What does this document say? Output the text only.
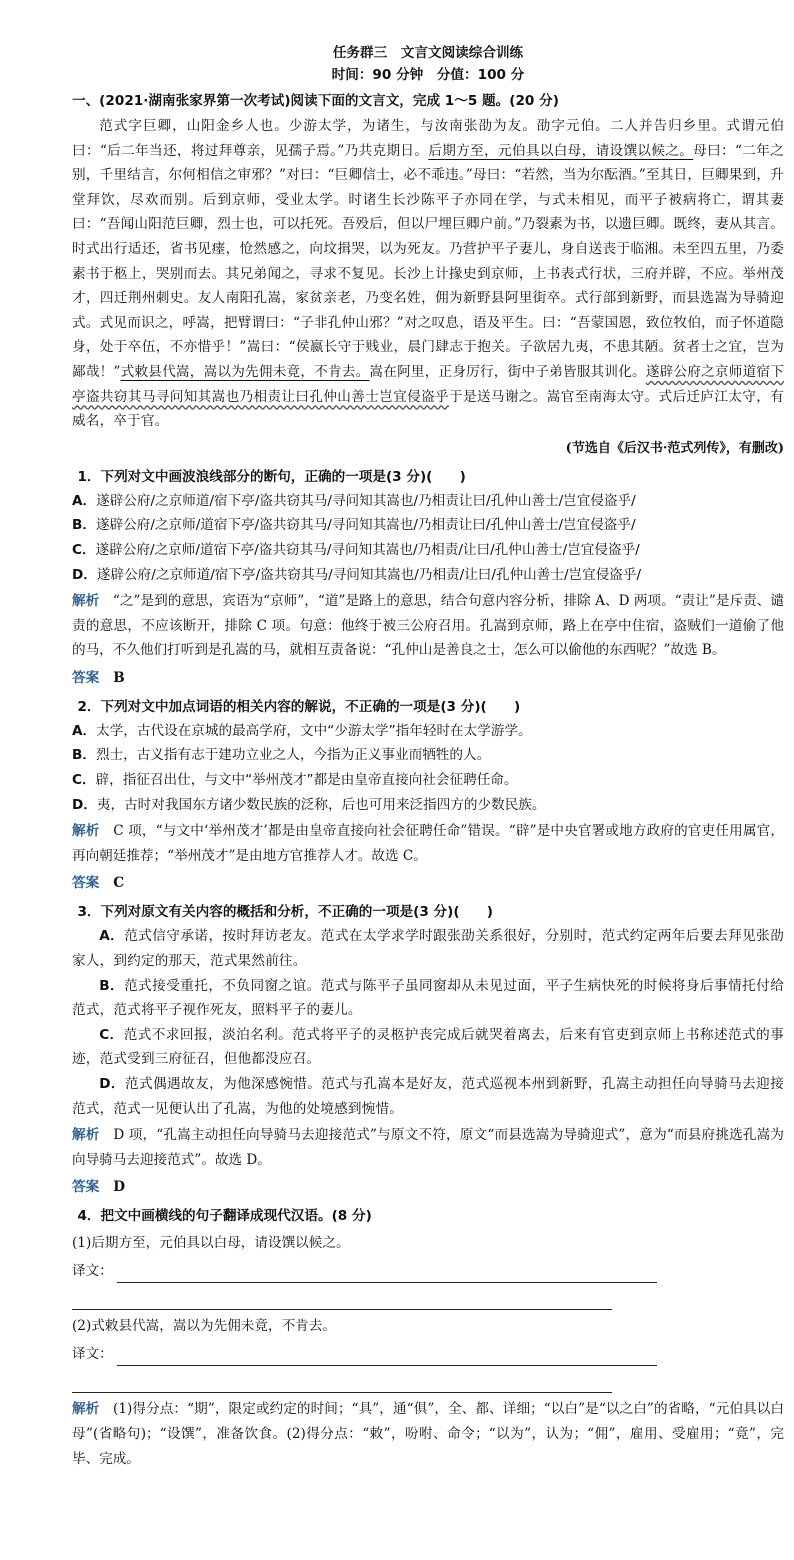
任务群三　文言文阅读综合训练
时间：90 分钟　分值：100 分
一、(2021·湖南张家界第一次考试)阅读下面的文言文，完成 1～5 题。(20 分)

范式字巨卿，山阳金乡人也。少游太学，为诸生，与汝南张劭为友。劭字元伯。二人并告归乡里。式谓元伯曰：“后二年当还，将过拜尊亲，见孺子焉。”乃共克期日。后期方至，元伯具以白母，请设馔以候之。母曰：“二年之别，千里结言，尔何相信之审邪？”对曰：“巨卿信士，必不乖违。”母曰：“若然，当为尔酝酒。”至其日，巨卿果到，升堂拜饮，尽欢而别。后到京师，受业太学。时诸生长沙陈平子亦同在学，与式未相见，而平子被病将亡，谓其妻曰：“吾闻山阳范巨卿，烈士也，可以托死。吾殁后，但以尸埋巨卿户前。”乃裂素为书，以遗巨卿。既终，妻从其言。时式出行适还，省书见瘗，怆然感之，向坟揖哭，以为死友。乃营护平子妻儿，身自送丧于临湘。未至四五里，乃委素书于柩上，哭别而去。其兄弟闻之，寻求不复见。长沙上计掾史到京师，上书表式行状，三府并辟，不应。举州茂才，四迁荆州刺史。友人南阳孔嵩，家贫亲老，乃变名姓，佣为新野县阿里街卒。式行部到新野，而县选嵩为导骑迎式。式见而识之，呼嵩，把臂谓曰：“子非孔仲山邪？”对之叹息，语及平生。曰：“吾蒙国恩，致位牧伯，而子怀道隐身，处于卒伍，不亦惜乎！”嵩曰：“侯嬴长守于贱业，晨门肆志于抱关。子欲居九夷，不患其陋。贫者士之宜，岂为鄙哉！”式敕县代嵩，嵩以为先佣未竟，不肯去。嵩在阿里，正身厉行，街中子弟皆服其训化。遂辟公府之京师道宿下亭盗共窃其马寻问知其嵩也乃相责让曰孔仲山善士岂宜侵盗乎于是送马谢之。嵩官至南海太守。式后迁庐江太守，有威名，卒于官。

(节选自《后汉书·范式列传》，有删改)
1．下列对文中画波浪线部分的断句，正确的一项是(3 分)(　　)
A．遂辟公府/之京师道/宿下亭/盗共窃其马/寻问知其嵩也/乃相责让曰/孔仲山善士/岂宜侵盗乎/
B．遂辟公府/之京师/道宿下亭/盗共窃其马/寻问知其嵩也/乃相责让曰/孔仲山善士/岂宜侵盗乎/
C．遂辟公府/之京师/道宿下亭/盗共窃其马/寻问知其嵩也/乃相责/让曰/孔仲山善士/岂宜侵盗乎/
D．遂辟公府/之京师道/宿下亭/盗共窃其马/寻问知其嵩也/乃相责/让曰/孔仲山善士/岂宜侵盗乎/

解析　 “之”是到的意思，宾语为“京师”，“道”是路上的意思，结合句意内容分析，排除 A、D 两项。“责让”是斥责、谴责的意思，不应该断开，排除 C 项。句意：他终于被三公府召用。孔嵩到京师，路上在亭中住宿，盗贼们一道偷了他的马，不久他们打听到是孔嵩的马，就相互责备说：“孔仲山是善良之士，怎么可以偷他的东西呢？”故选 B。

答案 B
2．下列对文中加点词语的相关内容的解说，不正确的一项是(3 分)(　　)
A．太学，古代设在京城的最高学府，文中“少游太学”指年轻时在太学游学。
B．烈士，古义指有志于建功立业之人，今指为正义事业而牺牲的人。
C．辟，指征召出仕，与文中“举州茂才”都是由皇帝直接向社会征聘任命。
D．夷，古时对我国东方诸少数民族的泛称，后也可用来泛指四方的少数民族。

解析　 C 项，“与文中‘举州茂才’都是由皇帝直接向社会征聘任命”错误。“辟”是中央官署或地方政府的官吏任用属官，再向朝廷推荐；“举州茂才”是由地方官推荐人才。故选 C。

答案 C
3．下列对原文有关内容的概括和分析，不正确的一项是(3 分)(　　)

A．范式信守承诺，按时拜访老友。范式在太学求学时跟张劭关系很好，分别时，范式约定两年后要去拜见张劭家人，到约定的那天，范式果然前往。

B．范式接受重托，不负同窗之谊。范式与陈平子虽同窗却从未见过面，平子生病快死的时候将身后事情托付给范式，范式将平子视作死友，照料平子的妻儿。

C．范式不求回报，淡泊名利。范式将平子的灵柩护丧完成后就哭着离去，后来有官吏到京师上书称述范式的事迹，范式受到三府征召，但他都没应召。

D．范式偶遇故友，为他深感惋惜。范式与孔嵩本是好友，范式巡视本州到新野，孔嵩主动担任向导骑马去迎接范式，范式一见便认出了孔嵩，为他的处境感到惋惜。

解析　 D 项，“孔嵩主动担任向导骑马去迎接范式”与原文不符，原文“而县选嵩为导骑迎式”，意为“而县府挑选孔嵩为向导骑马去迎接范式”。故选 D。

答案 D
4．把文中画横线的句子翻译成现代汉语。(8 分)
(1)后期方至，元伯具以白母，请设馔以候之。
译文：
(2)式敕县代嵩，嵩以为先佣未竟，不肯去。
译文：

解析　 (1)得分点：“期”，限定或约定的时间；“具”，通“俱”，全、都、详细；“以白”是“以之白”的省略，“元伯具以白母”(省略句)；“设馔”，准备饮食。(2)得分点：“敕”，吩咐、命令；“以为”，认为；“佣”，雇用、受雇用；“竟”，完毕、完成。
